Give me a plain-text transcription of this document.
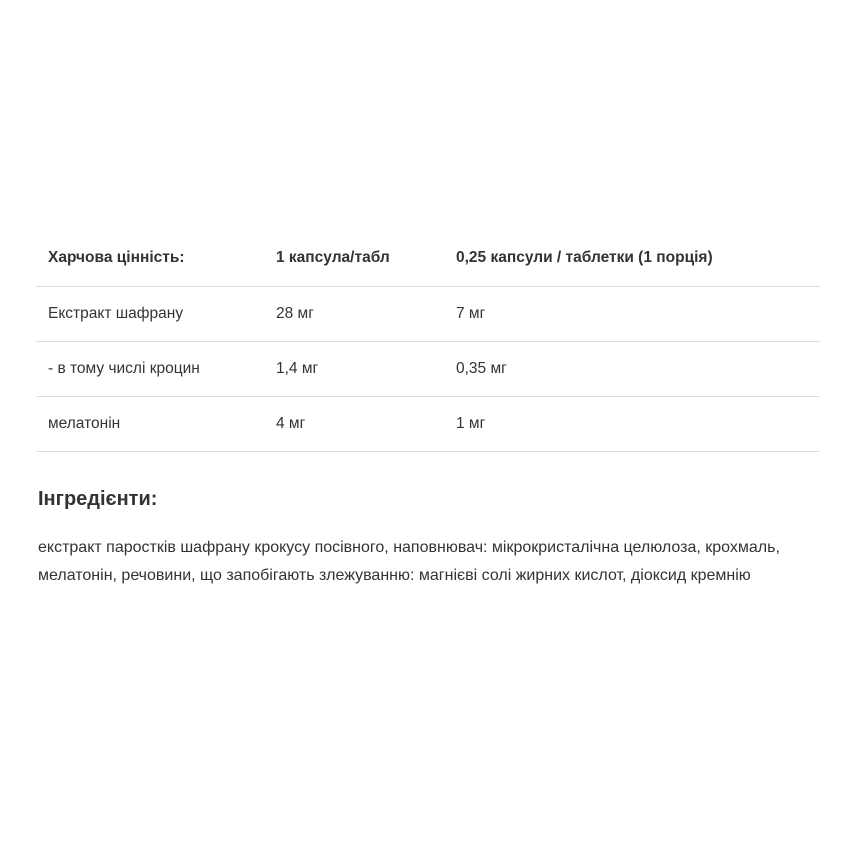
Харчова цінність:	1 капсула/табл	0,25 капсули / таблетки (1 порція)
Екстракт шафрану	28 мг	7 мг
- в тому числі кроцин	1,4 мг	0,35 мг
мелатонін	4 мг	1 мг
Інгредієнти:

екстракт паростків шафрану крокусу посівного, наповнювач: мікрокристалічна целюлоза, крохмаль, мелатонін, речовини, що запобігають злежуванню: магнієві солі жирних кислот, діоксид кремнію
